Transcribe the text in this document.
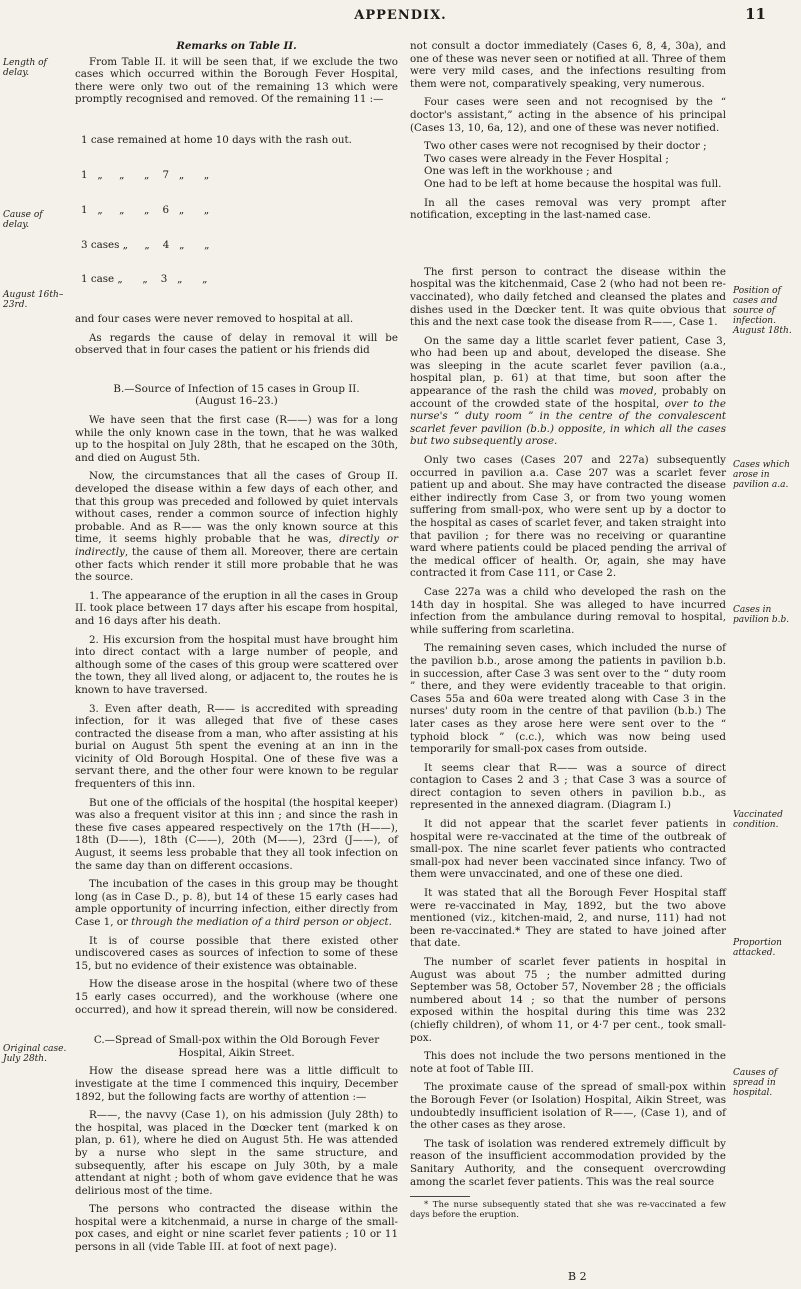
APPENDIX.	11
Length of delay.
Cause of delay.
August 16th–23rd.
Original case. July 28th.
Position of cases and source of infection. August 18th.
Cases which arose in pavilion a.a.
Cases in pavilion b.b.
Vaccinated condition.
Proportion attacked.
Causes of spread in hospital.

Remarks on Table II.

From Table II. it will be seen that, if we exclude the two cases which occurred within the Borough Fever Hospital, there were only two out of the remaining 13 which were promptly recognised and removed. Of the remaining 11 :—

1 case remained at home 10 days with the rash out.

1   „     „      „    7   „      „

1   „     „      „    6   „      „

3 cases „     „    4   „      „

1 case „      „    3   „      „

and four cases were never removed to hospital at all.

As regards the cause of delay in removal it will be observed that in four cases the patient or his friends did

B.—Source of Infection of 15 cases in Group II.

(August 16–23.)

We have seen that the first case (R——) was for a long while the only known case in the town, that he was walked up to the hospital on July 28th, that he escaped on the 30th, and died on August 5th.

Now, the circumstances that all the cases of Group II. developed the disease within a few days of each other, and that this group was preceded and followed by quiet intervals without cases, render a common source of infection highly probable. And as R—— was the only known source at this time, it seems highly probable that he was, directly or indirectly, the cause of them all. Moreover, there are certain other facts which render it still more probable that he was the source.

1. The appearance of the eruption in all the cases in Group II. took place between 17 days after his escape from hospital, and 16 days after his death.

2. His excursion from the hospital must have brought him into direct contact with a large number of people, and although some of the cases of this group were scattered over the town, they all lived along, or adjacent to, the routes he is known to have traversed.

3. Even after death, R—— is accredited with spreading infection, for it was alleged that five of these cases contracted the disease from a man, who after assisting at his burial on August 5th spent the evening at an inn in the vicinity of Old Borough Hospital. One of these five was a servant there, and the other four were known to be regular frequenters of this inn.

But one of the officials of the hospital (the hospital keeper) was also a frequent visitor at this inn ; and since the rash in these five cases appeared respectively on the 17th (H——), 18th (D——), 18th (C——), 20th (M——), 23rd (J——), of August, it seems less probable that they all took infection on the same day than on different occasions.

The incubation of the cases in this group may be thought long (as in Case D., p. 8), but 14 of these 15 early cases had ample opportunity of incurring infection, either directly from Case 1, or through the mediation of a third person or object.

It is of course possible that there existed other undiscovered cases as sources of infection to some of these 15, but no evidence of their existence was obtainable.

How the disease arose in the hospital (where two of these 15 early cases occurred), and the workhouse (where one occurred), and how it spread therein, will now be considered.

C.—Spread of Small-pox within the Old Borough Fever Hospital, Aikin Street.

How the disease spread here was a little difficult to investigate at the time I commenced this inquiry, December 1892, but the following facts are worthy of attention :—

R——, the navvy (Case 1), on his admission (July 28th) to the hospital, was placed in the Dœcker tent (marked k on plan, p. 61), where he died on August 5th. He was attended by a nurse who slept in the same structure, and subsequently, after his escape on July 30th, by a male attendant at night ; both of whom gave evidence that he was delirious most of the time.

The persons who contracted the disease within the hospital were a kitchenmaid, a nurse in charge of the small-pox cases, and eight or nine scarlet fever patients ; 10 or 11 persons in all (vide Table III. at foot of next page).

not consult a doctor immediately (Cases 6, 8, 4, 30a), and one of these was never seen or notified at all. Three of them were very mild cases, and the infections resulting from them were not, comparatively speaking, very numerous.

Four cases were seen and not recognised by the “ doctor's assistant,” acting in the absence of his principal (Cases 13, 10, 6a, 12), and one of these was never notified.

Two other cases were not recognised by their doctor ;
Two cases were already in the Fever Hospital ;
One was left in the workhouse ; and
One had to be left at home because the hospital was full.

In all the cases removal was very prompt after notification, excepting in the last-named case.

The first person to contract the disease within the hospital was the kitchenmaid, Case 2 (who had not been re-vaccinated), who daily fetched and cleansed the plates and dishes used in the Dœcker tent. It was quite obvious that this and the next case took the disease from R——, Case 1.

On the same day a little scarlet fever patient, Case 3, who had been up and about, developed the disease. She was sleeping in the acute scarlet fever pavilion (a.a., hospital plan, p. 61) at that time, but soon after the appearance of the rash the child was moved, probably on account of the crowded state of the hospital, over to the nurse's “ duty room ” in the centre of the convalescent scarlet fever pavilion (b.b.) opposite, in which all the cases but two subsequently arose.

Only two cases (Cases 207 and 227a) subsequently occurred in pavilion a.a. Case 207 was a scarlet fever patient up and about. She may have contracted the disease either indirectly from Case 3, or from two young women suffering from small-pox, who were sent up by a doctor to the hospital as cases of scarlet fever, and taken straight into that pavilion ; for there was no receiving or quarantine ward where patients could be placed pending the arrival of the medical officer of health. Or, again, she may have contracted it from Case 111, or Case 2.

Case 227a was a child who developed the rash on the 14th day in hospital. She was alleged to have incurred infection from the ambulance during removal to hospital, while suffering from scarletina.

The remaining seven cases, which included the nurse of the pavilion b.b., arose among the patients in pavilion b.b. in succession, after Case 3 was sent over to the “ duty room ” there, and they were evidently traceable to that origin. Cases 55a and 60a were treated along with Case 3 in the nurses' duty room in the centre of that pavilion (b.b.) The later cases as they arose here were sent over to the “ typhoid block ” (c.c.), which was now being used temporarily for small-pox cases from outside.

It seems clear that R—— was a source of direct contagion to Cases 2 and 3 ; that Case 3 was a source of direct contagion to seven others in pavilion b.b., as represented in the annexed diagram. (Diagram I.)

It did not appear that the scarlet fever patients in hospital were re-vaccinated at the time of the outbreak of small-pox. The nine scarlet fever patients who contracted small-pox had never been vaccinated since infancy. Two of them were unvaccinated, and one of these one died.

It was stated that all the Borough Fever Hospital staff were re-vaccinated in May, 1892, but the two above mentioned (viz., kitchen-maid, 2, and nurse, 111) had not been re-vaccinated.* They are stated to have joined after that date.

The number of scarlet fever patients in hospital in August was about 75 ; the number admitted during September was 58, October 57, November 28 ; the officials numbered about 14 ; so that the number of persons exposed within the hospital during this time was 232 (chiefly children), of whom 11, or 4·7 per cent., took small-pox.

This does not include the two persons mentioned in the note at foot of Table III.

The proximate cause of the spread of small-pox within the Borough Fever (or Isolation) Hospital, Aikin Street, was undoubtedly insufficient isolation of R——, (Case 1), and of the other cases as they arose.

The task of isolation was rendered extremely difficult by reason of the insufficient accommodation provided by the Sanitary Authority, and the consequent overcrowding among the scarlet fever patients. This was the real source

* The nurse subsequently stated that she was re-vaccinated a few days before the eruption.

B 2
